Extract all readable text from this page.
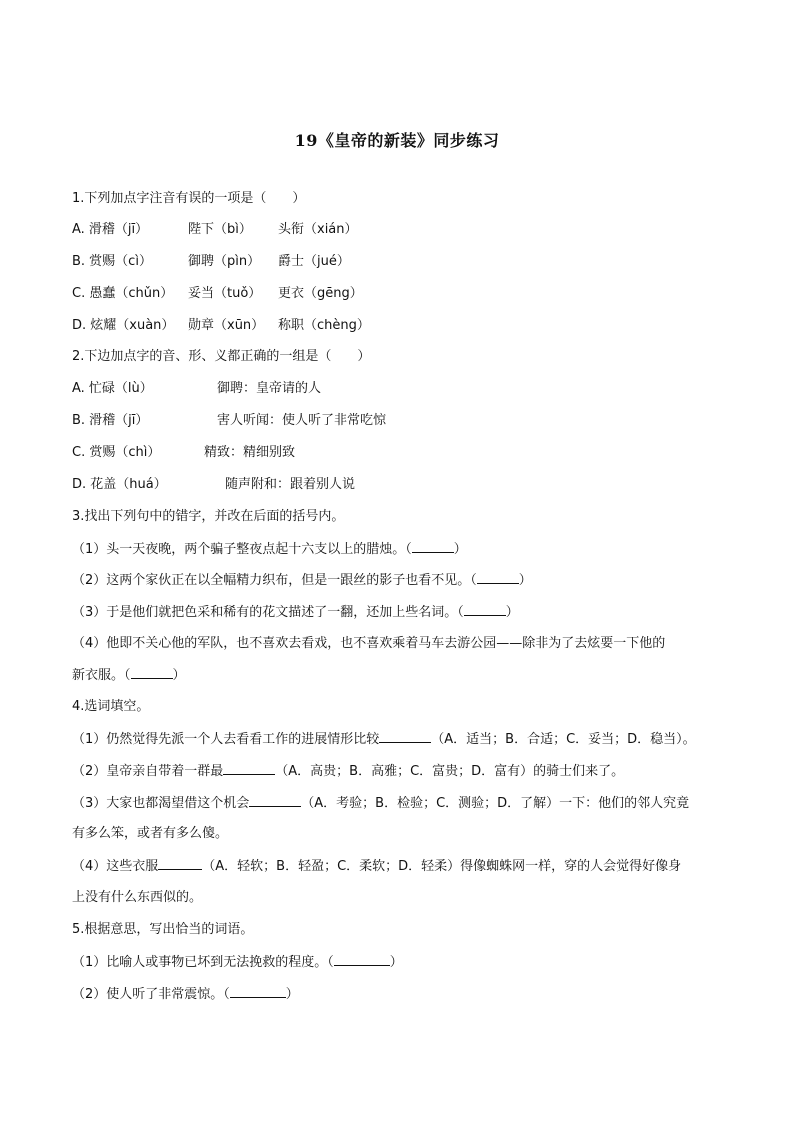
19《皇帝的新装》同步练习
1.下列加点字注音有误的一项是（　　）
A. 滑稽（jī）	陛下（bì） 头衔（xián）
B. 赏赐（cì）	御聘（pìn） 爵士（jué）
C. 愚蠢（chǔn） 妥当（tuǒ） 更衣（gēng）
D. 炫耀（xuàn） 勋章（xūn） 称职（chèng）
2.下边加点字的音、形、义都正确的一组是（　　）
A. 忙碌（lù）	御聘：皇帝请的人
B. 滑稽（jī）	害人听闻：使人听了非常吃惊
C. 赏赐（chì）	精致：精细别致
D. 花盖（huá）	随声附和：跟着别人说
3.找出下列句中的错字，并改在后面的括号内。
（1）头一天夜晚，两个骗子整夜点起十六支以上的腊烛。（	）
（2）这两个家伙正在以全幅精力织布，但是一跟丝的影子也看不见。（	）
（3）于是他们就把色采和稀有的花文描述了一翻，还加上些名词。（	）
（4）他即不关心他的军队，也不喜欢去看戏，也不喜欢乘着马车去游公园——除非为了去炫要一下他的
新衣服。（	）
4.选词填空。
（1）仍然觉得先派一个人去看看工作的进展情形比较	（A．适当；B．合适；C．妥当；D．稳当）。
（2）皇帝亲自带着一群最	（A．高贵；B．高雅；C．富贵；D．富有）的骑士们来了。
（3）大家也都渴望借这个机会	（A．考验；B．检验；C．测验；D．了解）一下：他们的邻人究竟
有多么笨，或者有多么傻。
（4）这些衣服	（A．轻软；B．轻盈；C．柔软；D．轻柔）得像蜘蛛网一样，穿的人会觉得好像身
上没有什么东西似的。
5.根据意思，写出恰当的词语。
（1）比喻人或事物已坏到无法挽救的程度。（	）
（2）使人听了非常震惊。（	）
